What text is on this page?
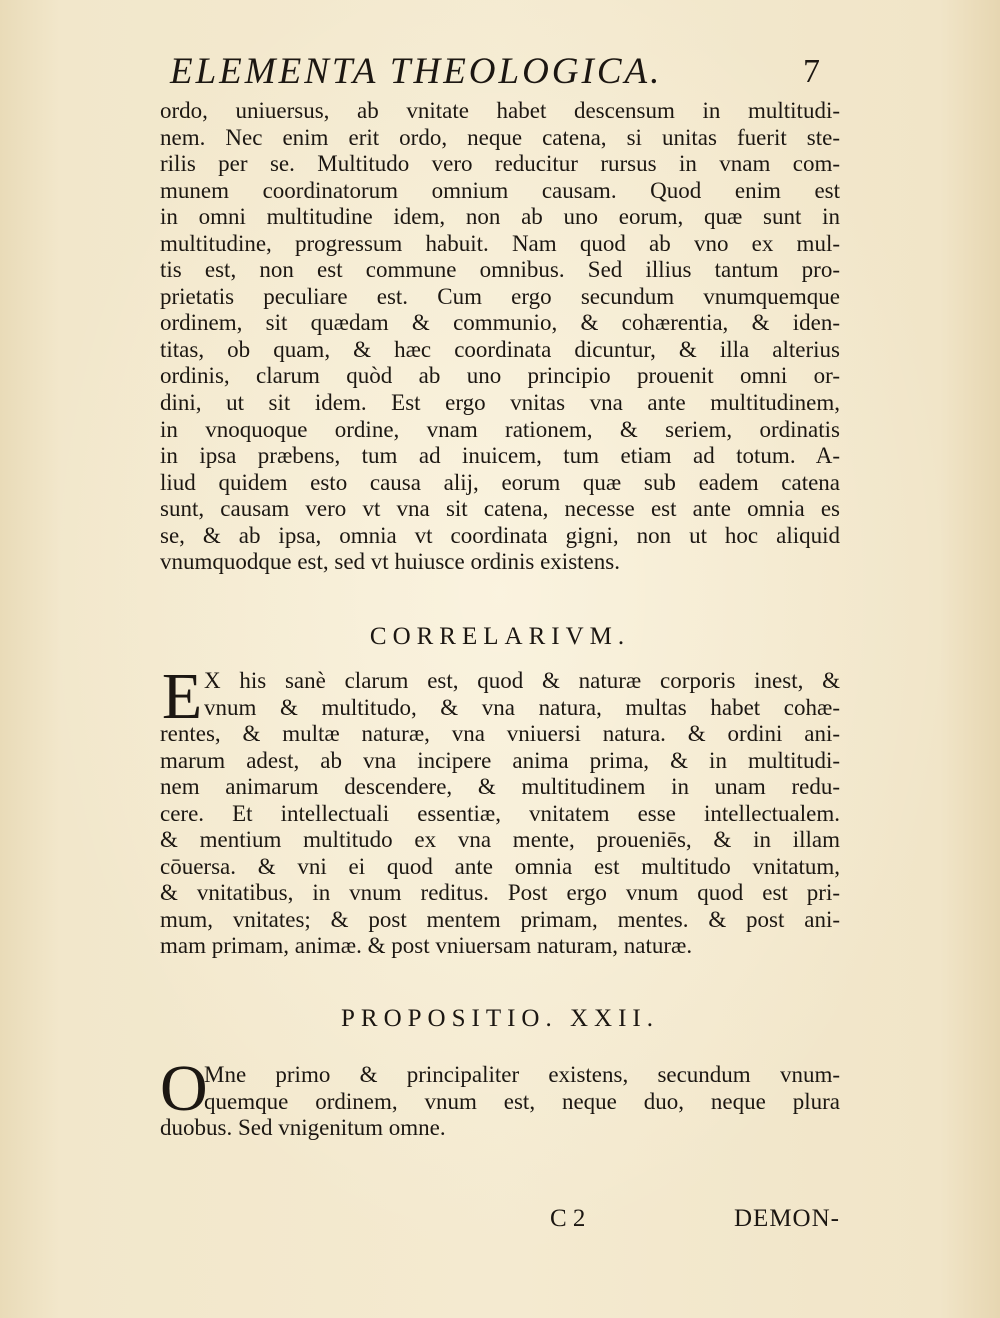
ELEMENTA THEOLOGICA.	7
ordo, uniuersus, ab vnitate habet descensum in multitudi-
nem. Nec enim erit ordo, neque catena, si unitas fuerit ste-
rilis per se. Multitudo vero reducitur rursus in vnam com-
munem coordinatorum omnium causam. Quod enim est
in omni multitudine idem, non ab uno eorum, quæ sunt in
multitudine, progressum habuit. Nam quod ab vno ex mul-
tis est, non est commune omnibus. Sed illius tantum pro-
prietatis peculiare est. Cum ergo secundum vnumquemque
ordinem, sit quædam & communio, & cohærentia, & iden-
titas, ob quam, & hæc coordinata dicuntur, & illa alterius
ordinis, clarum quòd ab uno principio prouenit omni or-
dini, ut sit idem. Est ergo vnitas vna ante multitudinem,
in vnoquoque ordine, vnam rationem, & seriem, ordinatis
in ipsa præbens, tum ad inuicem, tum etiam ad totum. A-
liud quidem esto causa alij, eorum quæ sub eadem catena
sunt, causam vero vt vna sit catena, necesse est ante omnia es
se, & ab ipsa, omnia vt coordinata gigni, non ut hoc aliquid
vnumquodque est, sed vt huiusce ordinis existens.
CORRELARIVM.
E X his sanè clarum est, quod & naturæ corporis inest, &
vnum & multitudo, & vna natura, multas habet cohæ-
rentes, & multæ naturæ, vna vniuersi natura. & ordini ani-
marum adest, ab vna incipere anima prima, & in multitudi-
nem animarum descendere, & multitudinem in unam redu-
cere. Et intellectuali essentiæ, vnitatem esse intellectualem.
& mentium multitudo ex vna mente, proueniēs, & in illam
cōuersa. & vni ei quod ante omnia est multitudo vnitatum,
& vnitatibus, in vnum reditus. Post ergo vnum quod est pri-
mum, vnitates; & post mentem primam, mentes. & post ani-
mam primam, animæ. & post vniuersam naturam, naturæ.
PROPOSITIO. XXII.
O
Mne primo & principaliter existens, secundum vnum-
quemque ordinem, vnum est, neque duo, neque plura
duobus. Sed vnigenitum omne.
C 2	DEMON-
